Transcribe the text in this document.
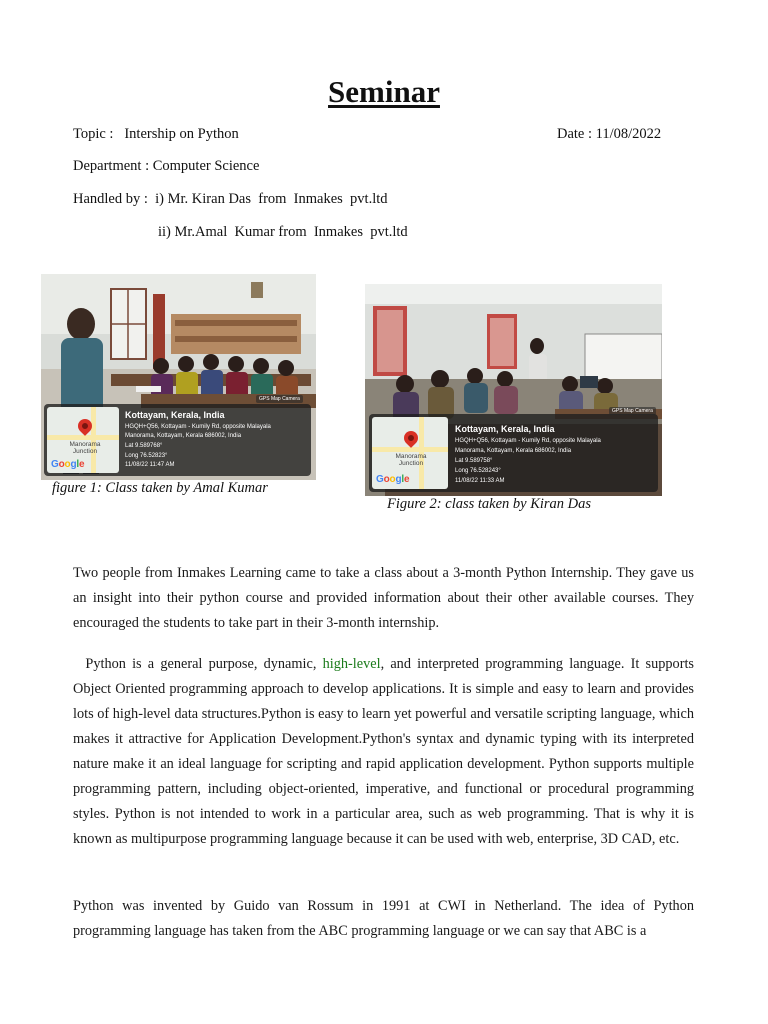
Seminar
Topic :   Intership on Python	Date : 11/08/2022
Department : Computer Science
Handled by :  i) Mr. Kiran Das  from  Inmakes  pvt.ltd
ii) Mr.Amal  Kumar from  Inmakes  pvt.ltd
Manorama
Junction
Google
Kottayam, Kerala, India
HGQH+Q56, Kottayam - Kumily Rd, opposite Malayala
Manorama, Kottayam, Kerala 686002, India
Lat 9.589768°
Long 76.52823°
11/08/22 11:47 AM
GPS Map Camera
figure 1: Class taken by Amal Kumar
Manorama
Junction
Google
Kottayam, Kerala, India
HGQH+Q56, Kottayam - Kumily Rd, opposite Malayala
Manorama, Kottayam, Kerala 686002, India
Lat 9.589758°
Long 76.528243°
11/08/22 11:33 AM
GPS Map Camera
Figure 2: class taken by Kiran Das

Two people from Inmakes Learning came to take a class about a 3-month Python Internship. They gave us an insight into their python course and provided information about their other available courses. They encouraged the students to take part in their 3-month internship.

Python is a general purpose, dynamic, high-level, and interpreted programming language. It supports Object Oriented programming approach to develop applications. It is simple and easy to learn and provides lots of high-level data structures.Python is easy to learn yet powerful and versatile scripting language, which makes it attractive for Application Development.Python's syntax and dynamic typing with its interpreted nature make it an ideal language for scripting and rapid application development. Python supports multiple programming pattern, including object-oriented, imperative, and functional or procedural programming styles. Python is not intended to work in a particular area, such as web programming. That is why it is known as multipurpose programming language because it can be used with web, enterprise, 3D CAD, etc.

Python was invented by Guido van Rossum in 1991 at CWI in Netherland. The idea of Python programming language has taken from the ABC programming language or we can say that ABC is a
